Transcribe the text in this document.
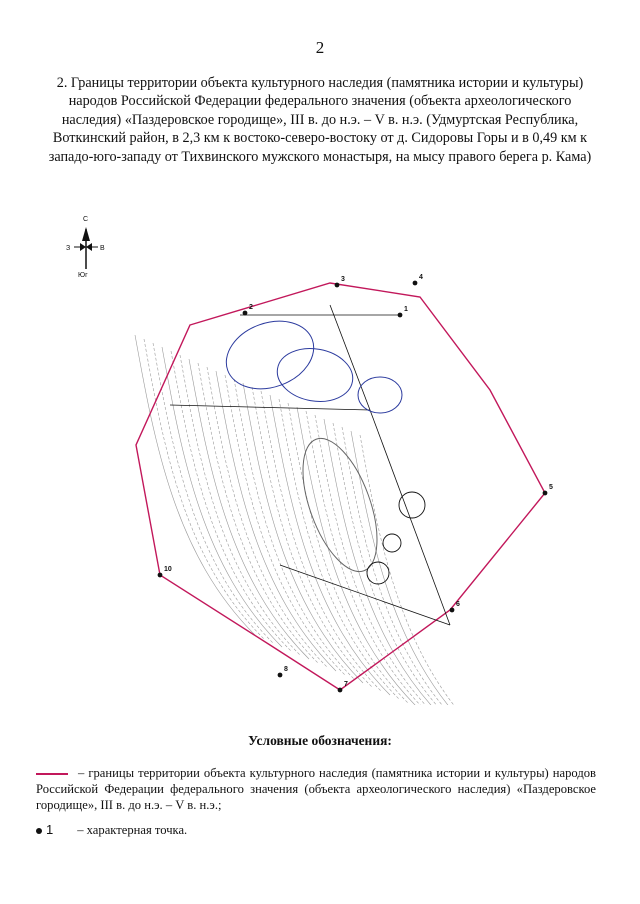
2
2. Границы территории объекта культурного наследия (памятника истории и культуры) народов Российской Федерации федерального значения (объекта археологического наследия) «Паздеровское городище», III в. до н.э. – V в. н.э. (Удмуртская Республика, Воткинский район, в 2,3 км к востоко-северо-востоку от д. Сидоровы Горы и в 0,49 км к западо-юго-западу от Тихвинского мужского монастыря, на мысу правого берега р. Кама)
С
З	В
Юг
1
2
3	4
5
6
7
8
10
Условные обозначения:
– границы территории объекта культурного наследия (памятника истории и культуры) народов Российской Федерации федерального значения (объекта археологического наследия) «Паздеровское городище», III в. до н.э. – V в. н.э.;
1 – характерная точка.
